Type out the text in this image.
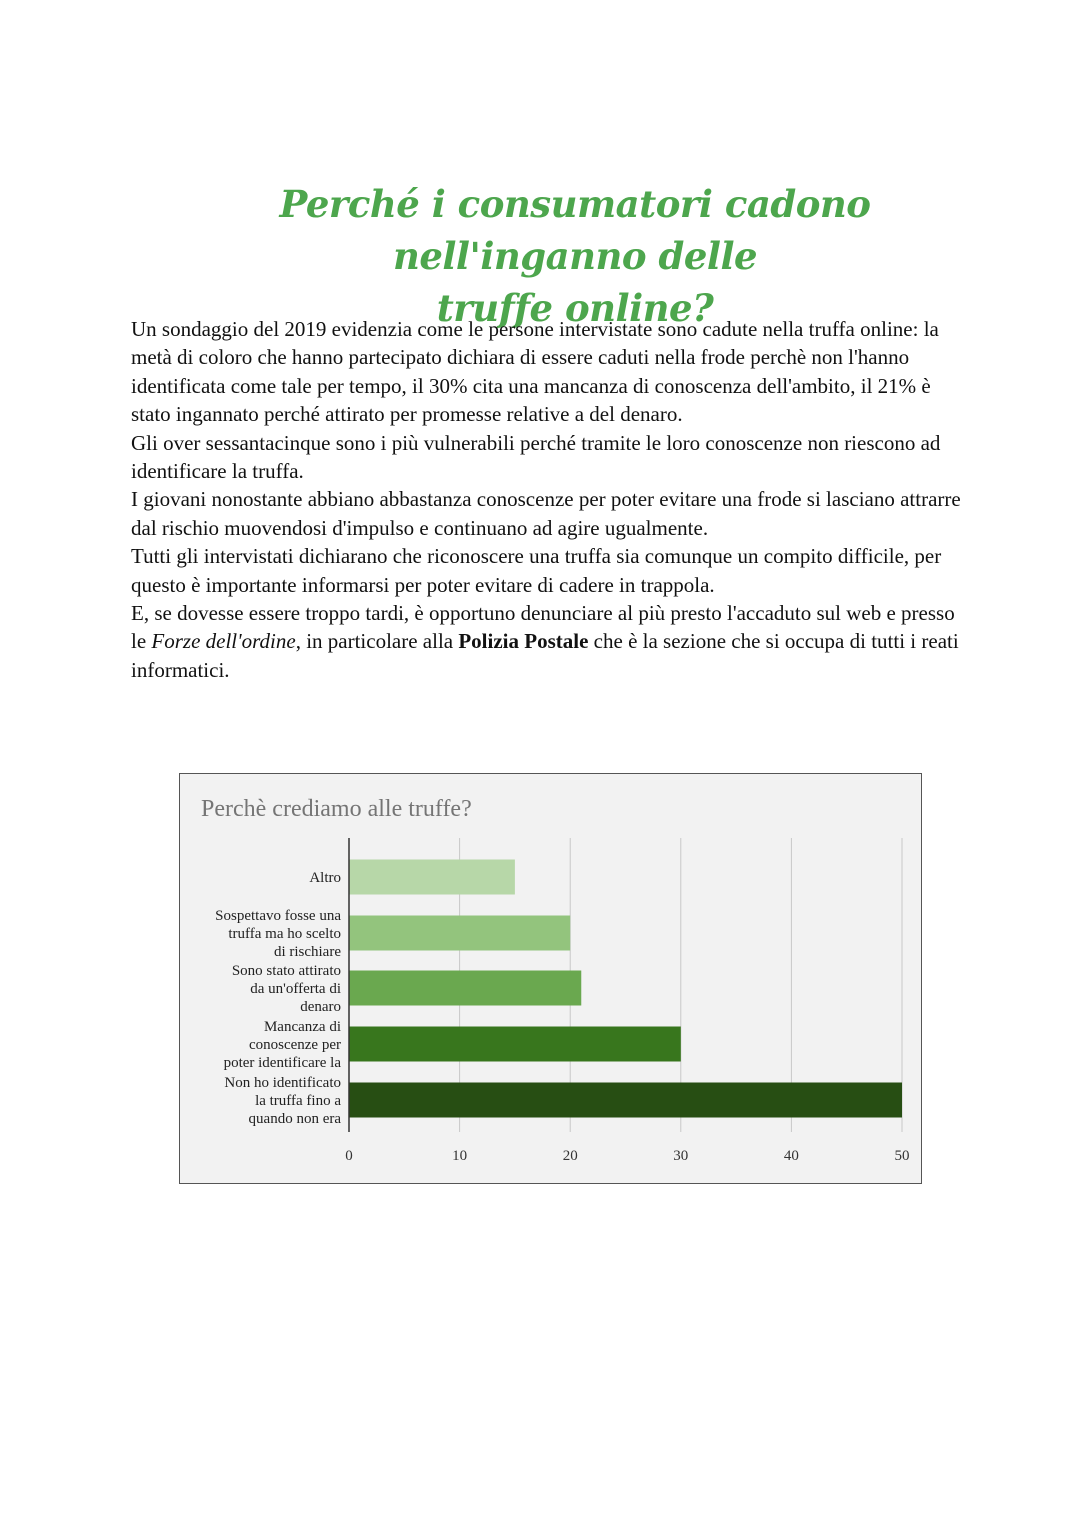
Perché i consumatori cadono nell'inganno delle
truffe online?

Un sondaggio del 2019 evidenzia come le persone intervistate sono cadute nella truffa online: la metà di coloro che hanno partecipato dichiara di essere caduti nella frode perchè non l'hanno identificata come tale per tempo, il 30% cita una mancanza di conoscenza dell'ambito, il 21% è stato ingannato perché attirato per promesse relative a del denaro.

Gli over sessantacinque sono i più vulnerabili perché tramite le loro conoscenze non riescono ad identificare la truffa.

I giovani nonostante abbiano abbastanza conoscenze per poter evitare una frode si lasciano attrarre dal rischio muovendosi d'impulso e continuano ad agire ugualmente.

Tutti gli intervistati dichiarano che riconoscere una truffa sia comunque un compito difficile, per questo è importante informarsi per poter evitare di cadere in trappola.

E, se dovesse essere troppo tardi, è opportuno denunciare al più presto l'accaduto sul web e presso le Forze dell'ordine, in particolare alla Polizia Postale che è la sezione che si occupa di tutti i reati informatici.

Perchè crediamo alle truffe?
Altro
Sospettavo fosse una truffa ma ho scelto di rischiare
Sono stato attirato da un'offerta di denaro
Mancanza di conoscenze per poter identificare la
Non ho identificato la truffa fino a quando non era
0	10	20	30	40	50
